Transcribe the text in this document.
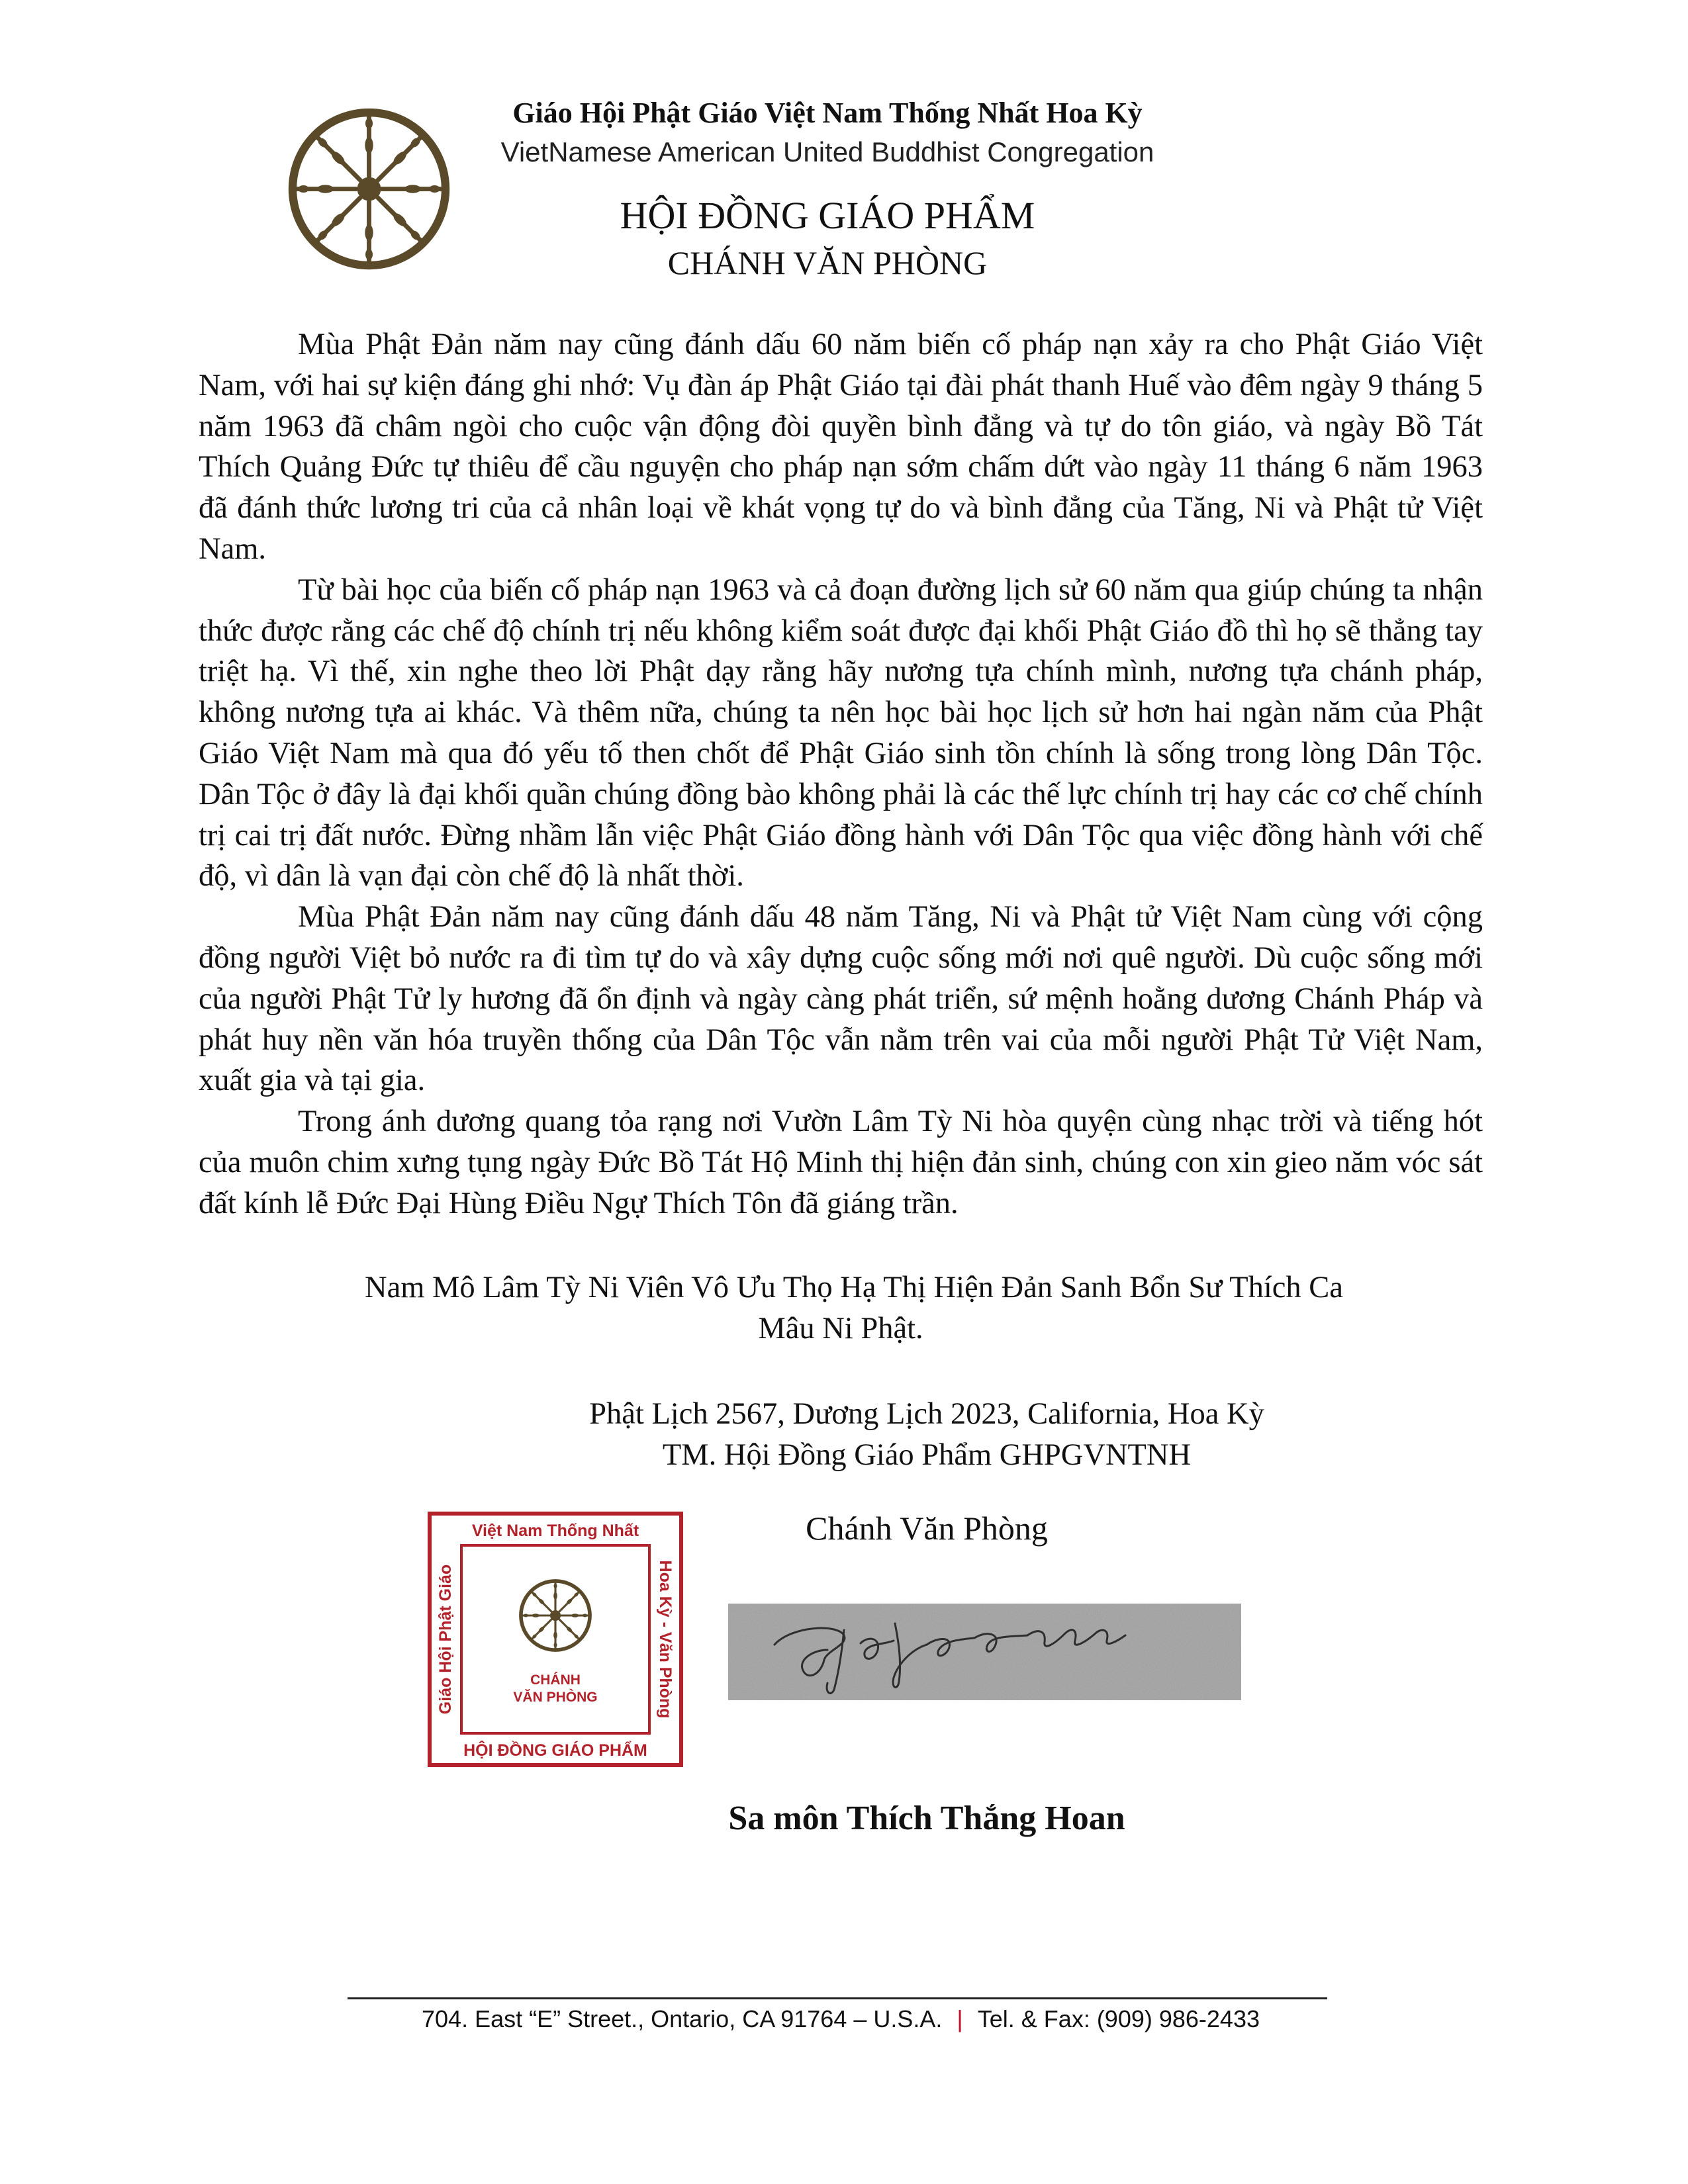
Giáo Hội Phật Giáo Việt Nam Thống Nhất Hoa Kỳ
VietNamese American United Buddhist Congregation
HỘI ĐỒNG GIÁO PHẨM
CHÁNH VĂN PHÒNG

Mùa Phật Đản năm nay cũng đánh dấu 60 năm biến cố pháp nạn xảy ra cho Phật Giáo Việt Nam, với hai sự kiện đáng ghi nhớ: Vụ đàn áp Phật Giáo tại đài phát thanh Huế vào đêm ngày 9 tháng 5 năm 1963 đã châm ngòi cho cuộc vận động đòi quyền bình đẳng và tự do tôn giáo, và ngày Bồ Tát Thích Quảng Đức tự thiêu để cầu nguyện cho pháp nạn sớm chấm dứt vào ngày 11 tháng 6 năm 1963 đã đánh thức lương tri của cả nhân loại về khát vọng tự do và bình đẳng của Tăng, Ni và Phật tử Việt Nam.

Từ bài học của biến cố pháp nạn 1963 và cả đoạn đường lịch sử 60 năm qua giúp chúng ta nhận thức được rằng các chế độ chính trị nếu không kiểm soát được đại khối Phật Giáo đồ thì họ sẽ thẳng tay triệt hạ. Vì thế, xin nghe theo lời Phật dạy rằng hãy nương tựa chính mình, nương tựa chánh pháp, không nương tựa ai khác. Và thêm nữa, chúng ta nên học bài học lịch sử hơn hai ngàn năm của Phật Giáo Việt Nam mà qua đó yếu tố then chốt để Phật Giáo sinh tồn chính là sống trong lòng Dân Tộc. Dân Tộc ở đây là đại khối quần chúng đồng bào không phải là các thế lực chính trị hay các cơ chế chính trị cai trị đất nước. Đừng nhầm lẫn việc Phật Giáo đồng hành với Dân Tộc qua việc đồng hành với chế độ, vì dân là vạn đại còn chế độ là nhất thời.

Mùa Phật Đản năm nay cũng đánh dấu 48 năm Tăng, Ni và Phật tử Việt Nam cùng với cộng đồng người Việt bỏ nước ra đi tìm tự do và xây dựng cuộc sống mới nơi quê người. Dù cuộc sống mới của người Phật Tử ly hương đã ổn định và ngày càng phát triển, sứ mệnh hoằng dương Chánh Pháp và phát huy nền văn hóa truyền thống của Dân Tộc vẫn nằm trên vai của mỗi người Phật Tử Việt Nam, xuất gia và tại gia.

Trong ánh dương quang tỏa rạng nơi Vườn Lâm Tỳ Ni hòa quyện cùng nhạc trời và tiếng hót của muôn chim xưng tụng ngày Đức Bồ Tát Hộ Minh thị hiện đản sinh, chúng con xin gieo năm vóc sát đất kính lễ Đức Đại Hùng Điều Ngự Thích Tôn đã giáng trần.

Nam Mô Lâm Tỳ Ni Viên Vô Ưu Thọ Hạ Thị Hiện Đản Sanh Bổn Sư Thích Ca
Mâu Ni Phật.
Phật Lịch 2567, Dương Lịch 2023, California, Hoa Kỳ
TM. Hội Đồng Giáo Phẩm GHPGVNTNH
Chánh Văn Phòng
Việt Nam Thống Nhất
HỘI ĐỒNG GIÁO PHẨM
Giáo Hội Phật Giáo	Hoa Kỳ - Văn Phòng
CHÁNH
VĂN PHÒNG
Sa môn Thích Thắng Hoan
704. East “E” Street., Ontario, CA 91764 – U.S.A. | Tel. & Fax: (909) 986-2433
